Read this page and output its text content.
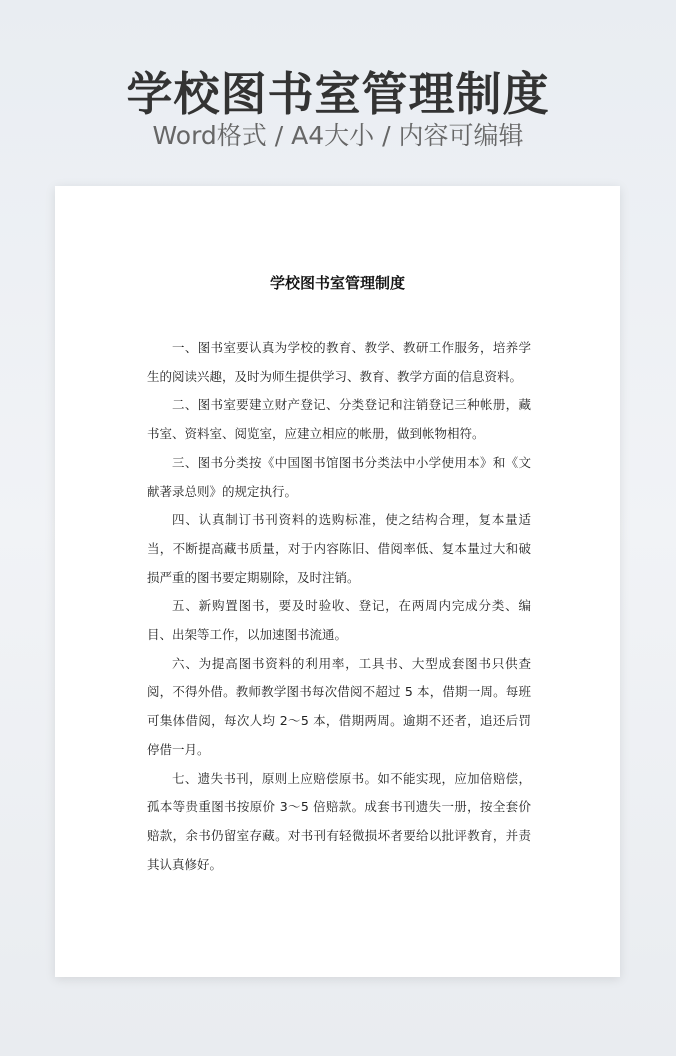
学校图书室管理制度
Word格式 / A4大小 / 内容可编辑
学校图书室管理制度

一、图书室要认真为学校的教育、教学、教研工作服务，培养学生的阅读兴趣，及时为师生提供学习、教育、教学方面的信息资料。

二、图书室要建立财产登记、分类登记和注销登记三种帐册，藏书室、资料室、阅览室，应建立相应的帐册，做到帐物相符。

三、图书分类按《中国图书馆图书分类法中小学使用本》和《文献著录总则》的规定执行。

四、认真制订书刊资料的选购标准，使之结构合理，复本量适当，不断提高藏书质量，对于内容陈旧、借阅率低、复本量过大和破损严重的图书要定期剔除，及时注销。

五、新购置图书，要及时验收、登记，在两周内完成分类、编目、出架等工作，以加速图书流通。

六、为提高图书资料的利用率，工具书、大型成套图书只供查阅，不得外借。教师教学图书每次借阅不超过 5 本，借期一周。每班可集体借阅，每次人均 2～5 本，借期两周。逾期不还者，追还后罚停借一月。

七、遗失书刊，原则上应赔偿原书。如不能实现，应加倍赔偿，孤本等贵重图书按原价 3～5 倍赔款。成套书刊遗失一册，按全套价赔款，余书仍留室存藏。对书刊有轻微损坏者要给以批评教育，并责其认真修好。
